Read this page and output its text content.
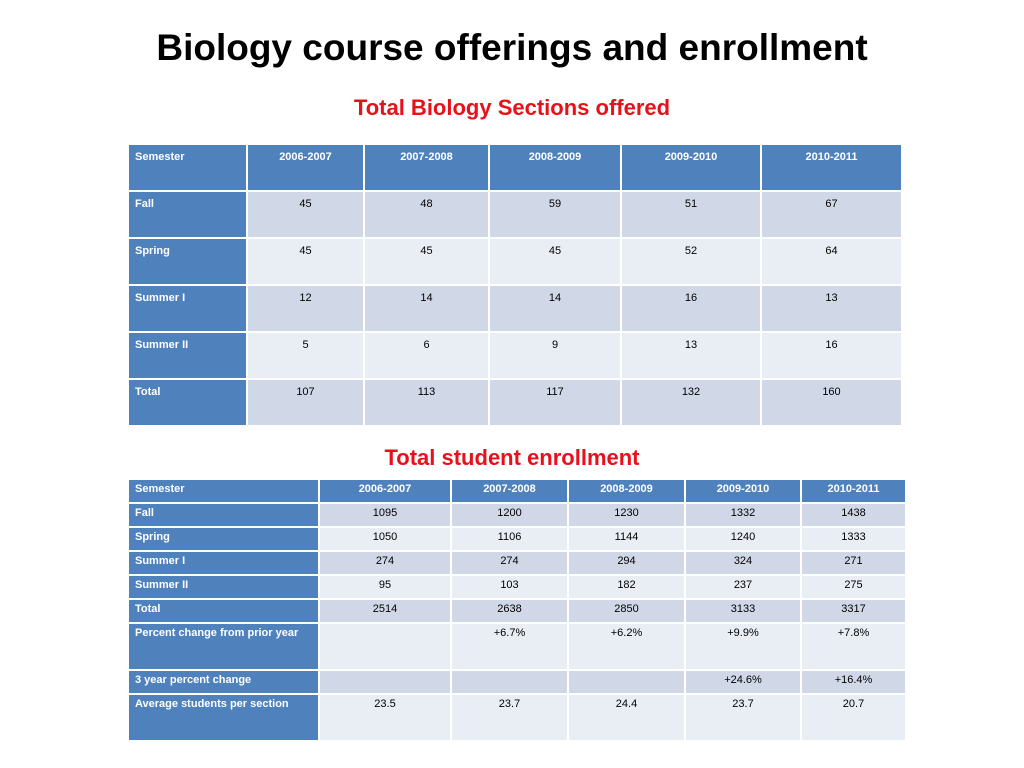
Biology course offerings and enrollment
Total Biology Sections offered
Semester	2006-2007	2007-2008	2008-2009	2009-2010	2010-2011
Fall	45	48	59	51	67
Spring	45	45	45	52	64
Summer I	12	14	14	16	13
Summer II	5	6	9	13	16
Total	107	113	117	132	160
Total student enrollment
Semester	2006-2007	2007-2008	2008-2009	2009-2010	2010-2011
Fall	1095	1200	1230	1332	1438
Spring	1050	1106	1144	1240	1333
Summer I	274	274	294	324	271
Summer II	95	103	182	237	275
Total	2514	2638	2850	3133	3317
Percent change from prior year		+6.7%	+6.2%	+9.9%	+7.8%
3 year percent change				+24.6%	+16.4%
Average students per section	23.5	23.7	24.4	23.7	20.7
